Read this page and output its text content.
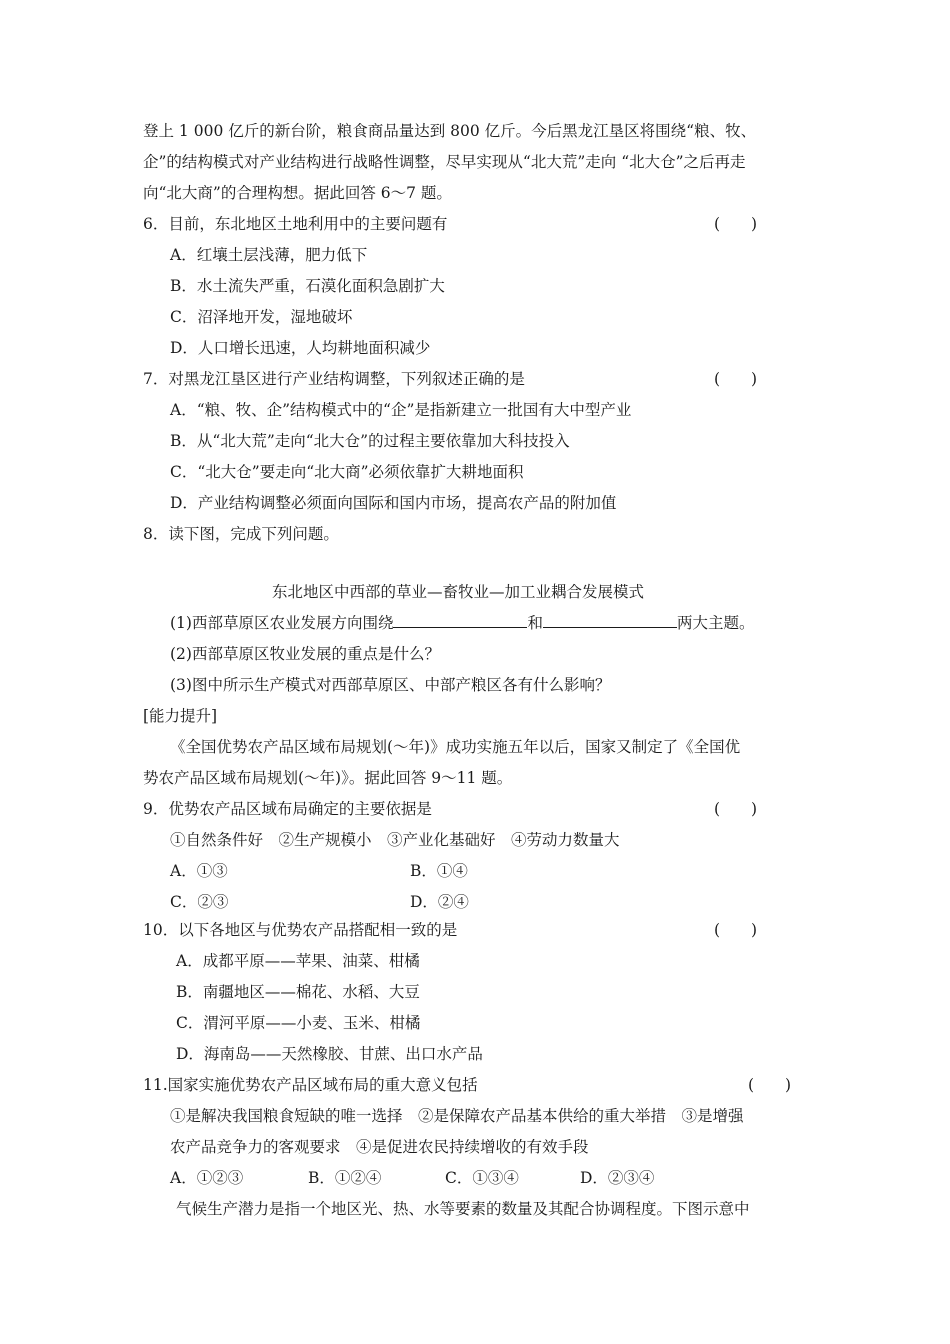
登上 1 000 亿斤的新台阶，粮食商品量达到 800 亿斤。今后黑龙江垦区将围绕“粮、牧、
企”的结构模式对产业结构进行战略性调整，尽早实现从“北大荒”走向 “北大仓”之后再走
向“北大商”的合理构想。据此回答 6～7 题。
6．目前，东北地区土地利用中的主要问题有	(　　)
A．红壤土层浅薄，肥力低下
B．水土流失严重，石漠化面积急剧扩大
C．沼泽地开发，湿地破坏
D．人口增长迅速，人均耕地面积减少
7．对黑龙江垦区进行产业结构调整，下列叙述正确的是	(　　)
A．“粮、牧、企”结构模式中的“企”是指新建立一批国有大中型产业
B．从“北大荒”走向“北大仓”的过程主要依靠加大科技投入
C．“北大仓”要走向“北大商”必须依靠扩大耕地面积
D．产业结构调整必须面向国际和国内市场，提高农产品的附加值
8．读下图，完成下列问题。
东北地区中西部的草业—畜牧业—加工业耦合发展模式
(1)西部草原区农业发展方向围绕	和	两大主题。
(2)西部草原区牧业发展的重点是什么？
(3)图中所示生产模式对西部草原区、中部产粮区各有什么影响？
[能力提升]
《全国优势农产品区域布局规划(～年)》成功实施五年以后，国家又制定了《全国优
势农产品区域布局规划(～年)》。据此回答 9～11 题。
9．优势农产品区域布局确定的主要依据是	(　　)
①自然条件好　②生产规模小　③产业化基础好　④劳动力数量大
A．①③	B．①④
C．②③	D．②④
10．以下各地区与优势农产品搭配相一致的是	(　　)
A．成都平原——苹果、油菜、柑橘
B．南疆地区——棉花、水稻、大豆
C．渭河平原——小麦、玉米、柑橘
D．海南岛——天然橡胶、甘蔗、出口水产品
11.国家实施优势农产品区域布局的重大意义包括	(　　)
①是解决我国粮食短缺的唯一选择　②是保障农产品基本供给的重大举措　③是增强
农产品竞争力的客观要求　④是促进农民持续增收的有效手段
A．①②③	B．①②④	C．①③④	D．②③④
气候生产潜力是指一个地区光、热、水等要素的数量及其配合协调程度。下图示意中
